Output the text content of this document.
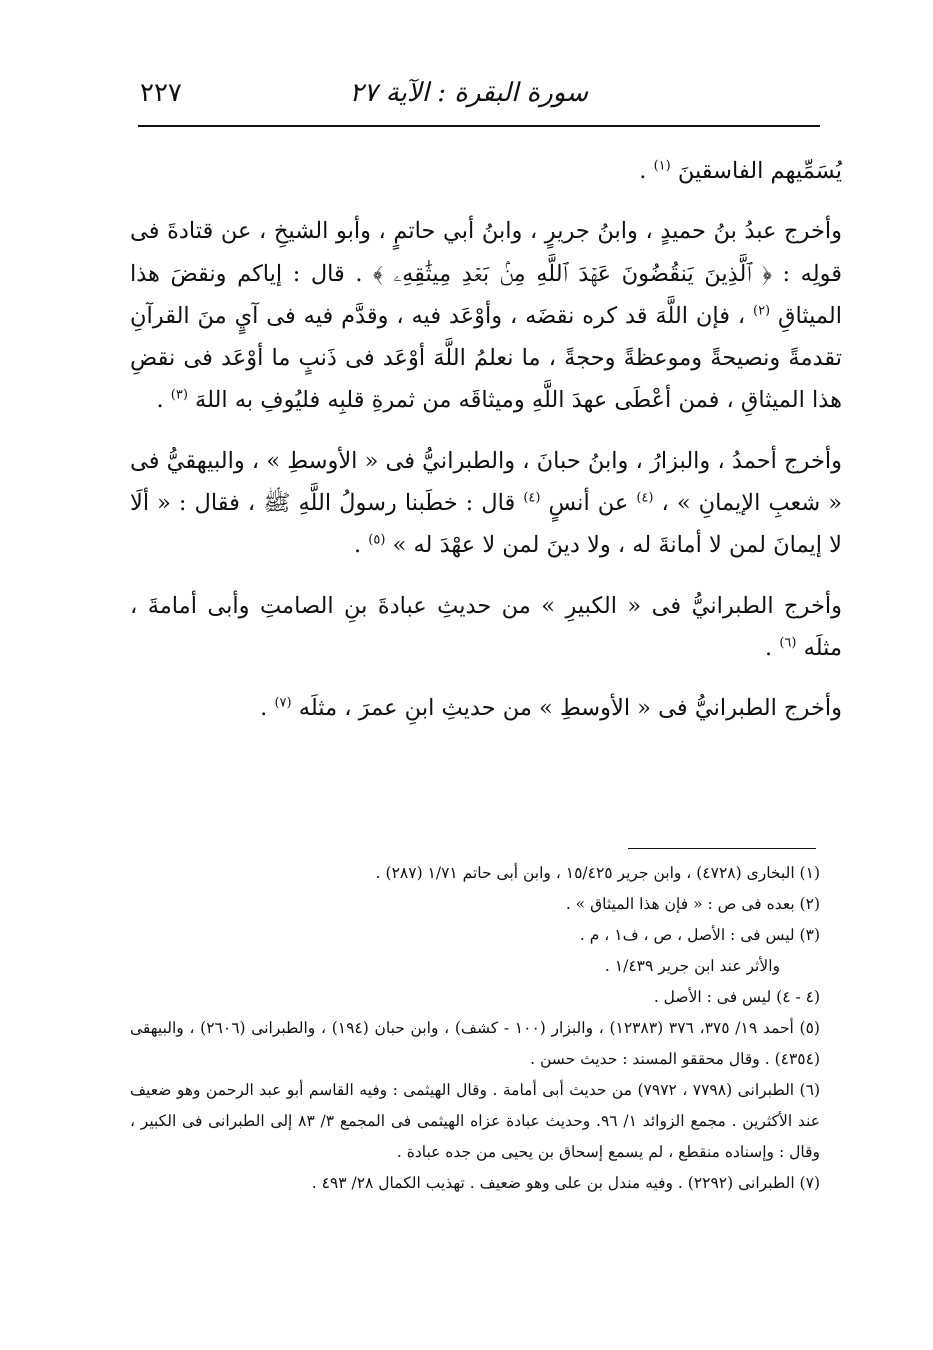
٢٢٧	سورة البقرة : الآية ٢٧

يُسَمِّيهم الفاسقينَ $^{(١)}$ .

وأخرج عبدُ بنُ حميدٍ ، وابنُ جريرٍ ، وابنُ أبي حاتمٍ ، وأبو الشيخِ ، عن قتادةَ فى قولِه : ﴿ ٱلَّذِينَ يَنقُضُونَ عَهۡدَ ٱللَّهِ مِنۢ بَعۡدِ مِيثَٰقِهِۦ ﴾ . قال : إياكم ونقضَ هذا الميثاقِ $^{(٢)}$ ، فإن اللَّهَ قد كره نقضَه ، وأوْعَد فيه ، وقدَّم فيه فى آيٍ منَ القرآنِ تقدمةً ونصيحةً وموعظةً وحجةً ، ما نعلمُ اللَّهَ أوْعَد فى ذَنبٍ ما أوْعَد فى نقضِ هذا الميثاقِ ، فمن أعْطَى عهدَ اللَّهِ وميثاقَه من ثمرةِ قلبِه فليُوفِ به اللهَ $^{(٣)}$ .

وأخرج أحمدُ ، والبزارُ ، وابنُ حبانَ ، والطبرانيُّ فى « الأوسطِ » ، والبيهقيُّ فى « شعبِ الإيمانِ » ، $^{(٤)}$ عن أنسٍ $^{(٤)}$ قال : خطَبنا رسولُ اللَّهِ ﷺ ، فقال : « ألَا لا إيمانَ لمن لا أمانةَ له ، ولا دينَ لمن لا عهْدَ له » $^{(٥)}$ .

وأخرج الطبرانيُّ فى « الكبيرِ » من حديثِ عبادةَ بنِ الصامتِ وأبى أمامةَ ، مثلَه $^{(٦)}$ .

وأخرج الطبرانيُّ فى « الأوسطِ » من حديثِ ابنِ عمرَ ، مثلَه $^{(٧)}$ .

(١) البخارى (٤٧٢٨) ، وابن جرير ١٥/٤٢٥ ، وابن أبى حاتم ١/٧١ (٢٨٧) .

(٢) بعده فى ص : « فإن هذا الميثاق » .

(٣) ليس فى : الأصل ، ص ، ف١ ، م .

والأثر عند ابن جرير ١/٤٣٩ .

(٤ - ٤) ليس فى : الأصل .

(٥) أحمد ١٩/ ٣٧٥، ٣٧٦ (١٢٣٨٣) ، والبزار (١٠٠ - كشف) ، وابن حبان (١٩٤) ، والطبرانى (٢٦٠٦) ، والبيهقى (٤٣٥٤) . وقال محققو المسند : حديث حسن .

(٦) الطبرانى (٧٧٩٨ ، ٧٩٧٢) من حديث أبى أمامة . وقال الهيثمى : وفيه القاسم أبو عبد الرحمن وهو ضعيف عند الأكثرين . مجمع الزوائد ١/ ٩٦. وحديث عبادة عزاه الهيثمى فى المجمع ٣/ ٨٣ إلى الطبرانى فى الكبير ، وقال : وإسناده منقطع ، لم يسمع إسحاق بن يحيى من جده عبادة .

(٧) الطبرانى (٢٢٩٢) . وفيه مندل بن على وهو ضعيف . تهذيب الكمال ٢٨/ ٤٩٣ .
